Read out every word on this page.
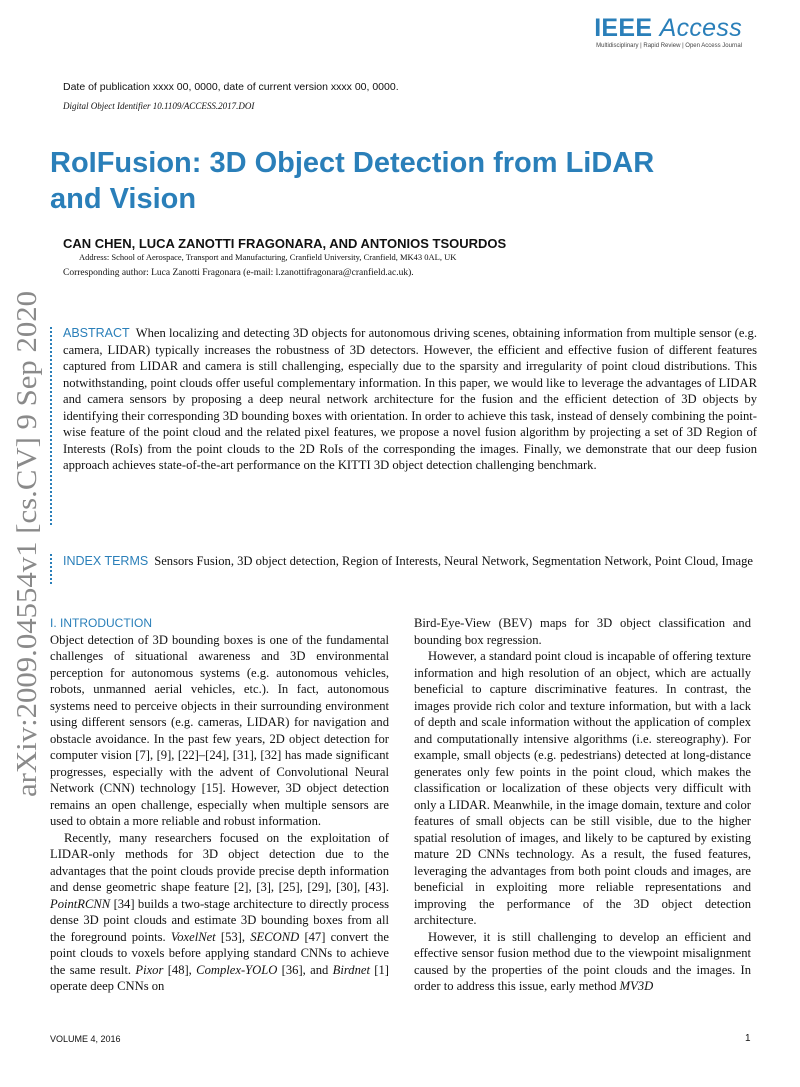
IEEE Access
Multidisciplinary | Rapid Review | Open Access Journal
Date of publication xxxx 00, 0000, date of current version xxxx 00, 0000.
Digital Object Identifier 10.1109/ACCESS.2017.DOI
RoIFusion: 3D Object Detection from LiDAR and Vision
CAN CHEN, LUCA ZANOTTI FRAGONARA, AND ANTONIOS TSOURDOS
Address: School of Aerospace, Transport and Manufacturing, Cranfield University, Cranfield, MK43 0AL, UK
Corresponding author: Luca Zanotti Fragonara (e-mail: l.zanottifragonara@cranfield.ac.uk).
arXiv:2009.04554v1 [cs.CV] 9 Sep 2020
ABSTRACT When localizing and detecting 3D objects for autonomous driving scenes, obtaining information from multiple sensor (e.g. camera, LIDAR) typically increases the robustness of 3D detectors. However, the efficient and effective fusion of different features captured from LIDAR and camera is still challenging, especially due to the sparsity and irregularity of point cloud distributions. This notwithstanding, point clouds offer useful complementary information. In this paper, we would like to leverage the advantages of LIDAR and camera sensors by proposing a deep neural network architecture for the fusion and the efficient detection of 3D objects by identifying their corresponding 3D bounding boxes with orientation. In order to achieve this task, instead of densely combining the point-wise feature of the point cloud and the related pixel features, we propose a novel fusion algorithm by projecting a set of 3D Region of Interests (RoIs) from the point clouds to the 2D RoIs of the corresponding the images. Finally, we demonstrate that our deep fusion approach achieves state-of-the-art performance on the KITTI 3D object detection challenging benchmark.
INDEX TERMS Sensors Fusion, 3D object detection, Region of Interests, Neural Network, Segmentation Network, Point Cloud, Image
I. INTRODUCTION

Object detection of 3D bounding boxes is one of the fundamental challenges of situational awareness and 3D environmental perception for autonomous systems (e.g. autonomous vehicles, robots, unmanned aerial vehicles, etc.). In fact, autonomous systems need to perceive objects in their surrounding environment using different sensors (e.g. cameras, LIDAR) for navigation and obstacle avoidance. In the past few years, 2D object detection for computer vision [7], [9], [22]–[24], [31], [32] has made significant progresses, especially with the advent of Convolutional Neural Network (CNN) technology [15]. However, 3D object detection remains an open challenge, especially when multiple sensors are used to obtain a more reliable and robust information.

Recently, many researchers focused on the exploitation of LIDAR-only methods for 3D object detection due to the advantages that the point clouds provide precise depth information and dense geometric shape feature [2], [3], [25], [29], [30], [43]. PointRCNN [34] builds a two-stage architecture to directly process dense 3D point clouds and estimate 3D bounding boxes from all the foreground points. VoxelNet [53], SECOND [47] convert the point clouds to voxels before applying standard CNNs to achieve the same result. Pixor [48], Complex-YOLO [36], and Birdnet [1] operate deep CNNs on

Bird-Eye-View (BEV) maps for 3D object classification and bounding box regression.

However, a standard point cloud is incapable of offering texture information and high resolution of an object, which are actually beneficial to capture discriminative features. In contrast, the images provide rich color and texture information, but with a lack of depth and scale information without the application of complex and computationally intensive algorithms (i.e. stereography). For example, small objects (e.g. pedestrians) detected at long-distance generates only few points in the point cloud, which makes the classification or localization of these objects very difficult with only a LIDAR. Meanwhile, in the image domain, texture and color features of small objects can be still visible, due to the higher spatial resolution of images, and likely to be captured by existing mature 2D CNNs technology. As a result, the fused features, leveraging the advantages from both point clouds and images, are beneficial in exploiting more reliable representations and improving the performance of the 3D object detection architecture.

However, it is still challenging to develop an efficient and effective sensor fusion method due to the viewpoint misalignment caused by the properties of the point clouds and the images. In order to address this issue, early method MV3D

VOLUME 4, 2016	1
